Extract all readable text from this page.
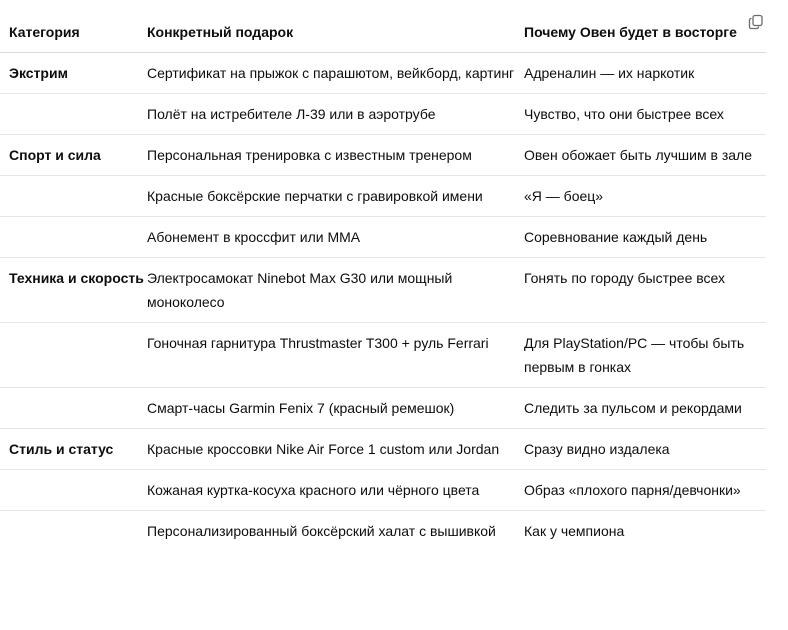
Категория	Конкретный подарок	Почему Овен будет в восторге
Экстрим	Сертификат на прыжок с парашютом, вейкборд, картинг	Адреналин — их наркотик
	Полёт на истребителе Л-39 или в аэротрубе	Чувство, что они быстрее всех
Спорт и сила	Персональная тренировка с известным тренером	Овен обожает быть лучшим в зале
	Красные боксёрские перчатки с гравировкой имени	«Я — боец»
	Абонемент в кроссфит или MMA	Соревнование каждый день
Техника и скорость	Электросамокат Ninebot Max G30 или мощный моноколесо	Гонять по городу быстрее всех
	Гоночная гарнитура Thrustmaster T300 + руль Ferrari	Для PlayStation/PC — чтобы быть первым в гонках
	Смарт-часы Garmin Fenix 7 (красный ремешок)	Следить за пульсом и рекордами
Стиль и статус	Красные кроссовки Nike Air Force 1 custom или Jordan	Сразу видно издалека
	Кожаная куртка-косуха красного или чёрного цвета	Образ «плохого парня/девчонки»
	Персонализированный боксёрский халат с вышивкой	Как у чемпиона
